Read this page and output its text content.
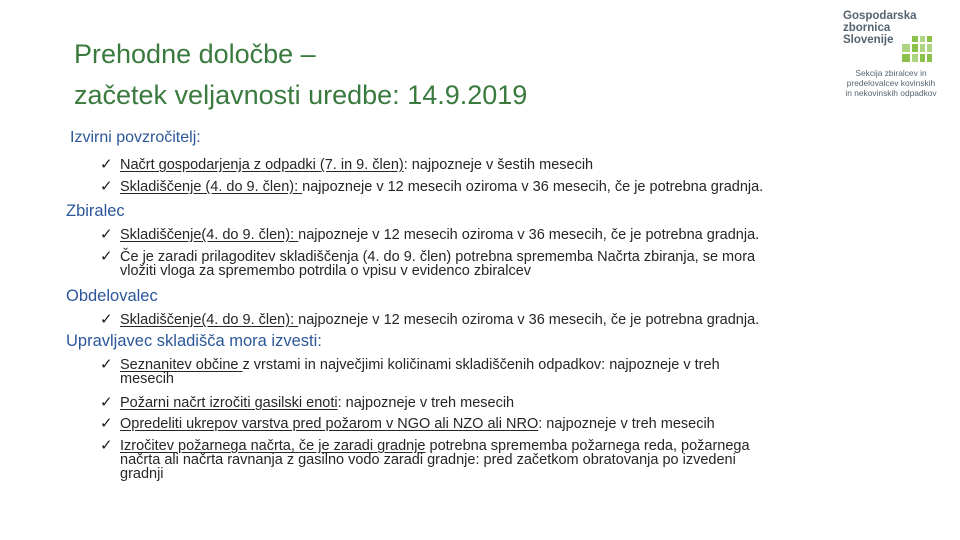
Prehodne določbe –
začetek veljavnosti uredbe: 14.9.2019
Gospodarska
zbornica
Slovenije
Sekcija zbiralcev in
predelovalcev kovinskih
in nekovinskih odpadkov
Izvirni povzročitelj:
✓ Načrt gospodarjenja z odpadki (7. in 9. člen): najpozneje v šestih mesecih
✓ Skladiščenje (4. do 9. člen): najpozneje v 12 mesecih oziroma v 36 mesecih, če je potrebna gradnja.
Zbiralec
✓ Skladiščenje(4. do 9. člen): najpozneje v 12 mesecih oziroma v 36 mesecih, če je potrebna gradnja.
✓ Če je zaradi prilagoditev skladiščenja (4. do 9. člen) potrebna sprememba Načrta zbiranja, se mora
vložiti vloga za spremembo potrdila o vpisu v evidenco zbiralcev
Obdelovalec
✓ Skladiščenje(4. do 9. člen): najpozneje v 12 mesecih oziroma v 36 mesecih, če je potrebna gradnja.
Upravljavec skladišča mora izvesti:
✓ Seznanitev občine z vrstami in največjimi količinami skladiščenih odpadkov: najpozneje v treh
mesecih
✓ Požarni načrt izročiti gasilski enoti: najpozneje v treh mesecih
✓ Opredeliti ukrepov varstva pred požarom v NGO ali NZO ali NRO: najpozneje v treh mesecih
✓ Izročitev požarnega načrta, če je zaradi gradnje potrebna sprememba požarnega reda, požarnega
načrta ali načrta ravnanja z gasilno vodo zaradi gradnje: pred začetkom obratovanja po izvedeni
gradnji
